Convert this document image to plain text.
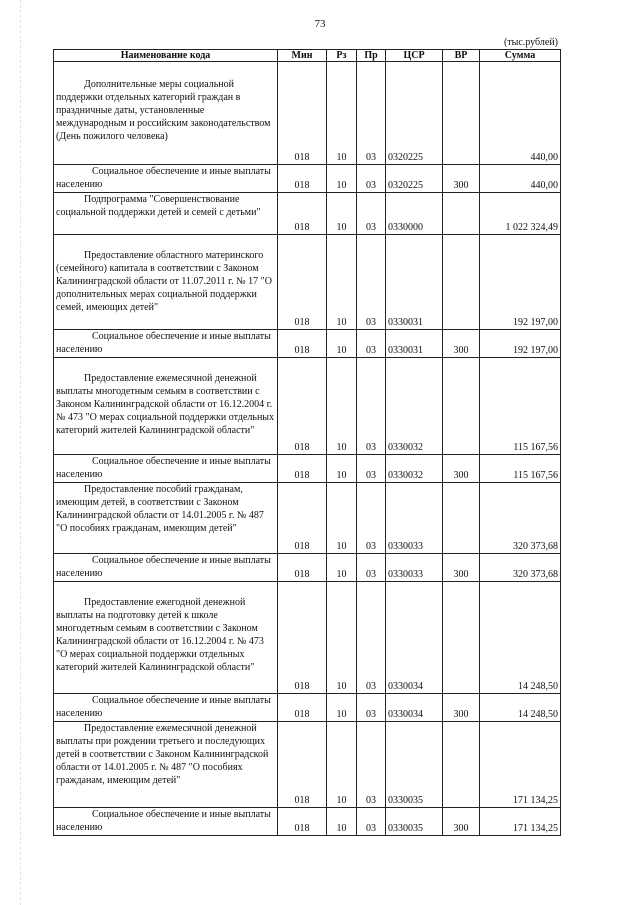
73
(тыс.рублей)
Наименование кода	Мин	Рз	Пр	ЦСР	ВР	Сумма

Дополнительные меры социальной поддержки отдельных категорий граждан в праздничные даты, установленные международным и российским законодательством (День пожилого человека)	018	10	03	0320225		440,00

Социальное обеспечение и иные выплаты населению	018	10	03	0320225	300	440,00

Подпрограмма "Совершенствование социальной поддержки детей и семей с детьми"	018	10	03	0330000		1 022 324,49

Предоставление областного материнского (семейного) капитала в соответствии с Законом Калининградской области от 11.07.2011 г. № 17 "О дополнительных мерах социальной поддержки семей, имеющих детей"	018	10	03	0330031		192 197,00

Социальное обеспечение и иные выплаты населению	018	10	03	0330031	300	192 197,00

Предоставление ежемесячной денежной выплаты многодетным семьям в соответствии с Законом Калининградской области от 16.12.2004 г. № 473 "О мерах социальной поддержки отдельных категорий жителей Калининградской области"	018	10	03	0330032		115 167,56

Социальное обеспечение и иные выплаты населению	018	10	03	0330032	300	115 167,56

Предоставление пособий гражданам, имеющим детей, в соответствии с Законом Калининградской области от 14.01.2005 г. № 487 "О пособиях гражданам, имеющим детей"	018	10	03	0330033		320 373,68

Социальное обеспечение и иные выплаты населению	018	10	03	0330033	300	320 373,68

Предоставление ежегодной денежной выплаты на подготовку детей к школе многодетным семьям в соответствии с Законом Калининградской области от 16.12.2004 г. № 473 "О мерах социальной поддержки отдельных категорий жителей Калининградской области"	018	10	03	0330034		14 248,50

Социальное обеспечение и иные выплаты населению	018	10	03	0330034	300	14 248,50

Предоставление ежемесячной денежной выплаты при рождении третьего и последующих детей в соответствии с Законом Калининградской области от 14.01.2005 г. № 487 "О пособиях гражданам, имеющим детей"	018	10	03	0330035		171 134,25

Социальное обеспечение и иные выплаты населению	018	10	03	0330035	300	171 134,25
